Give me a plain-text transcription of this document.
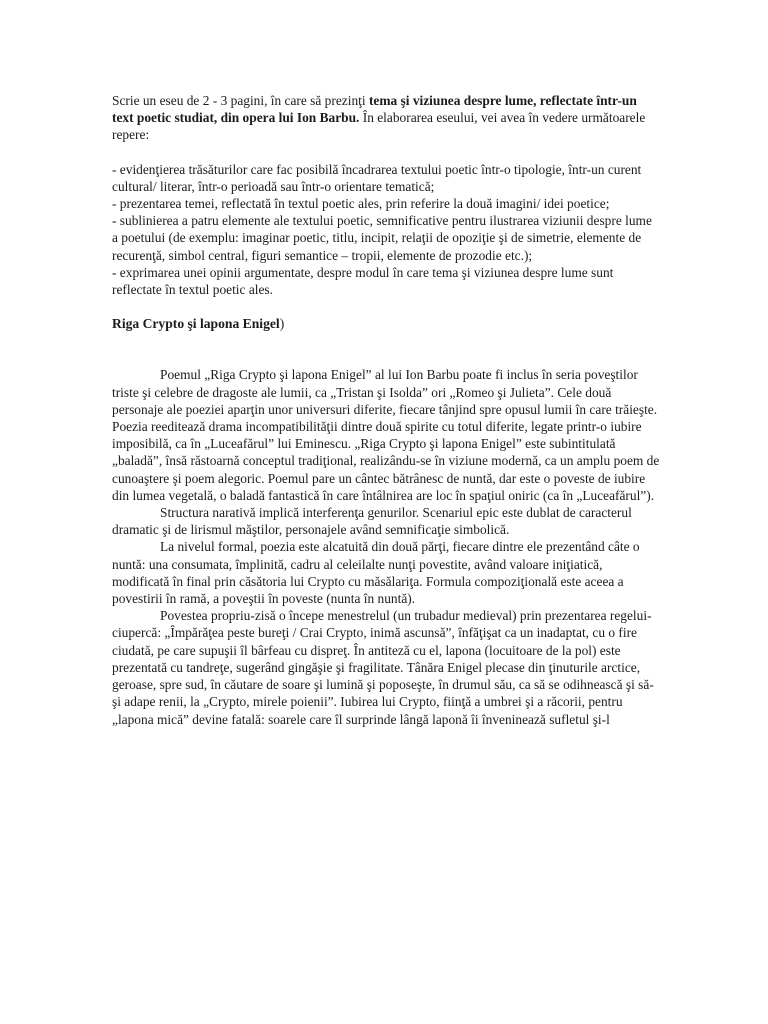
Scrie un eseu de 2 - 3 pagini, în care să prezinţi tema şi viziunea despre lume, reflectate într-un text poetic studiat, din opera lui Ion Barbu. În elaborarea eseului, vei avea în vedere următoarele repere:

- evidenţierea trăsăturilor care fac posibilă încadrarea textului poetic într-o tipologie, într-un curent cultural/ literar, într-o perioadă sau într-o orientare tematică;

- prezentarea temei, reflectată în textul poetic ales, prin referire la două imagini/ idei poetice;

- sublinierea a patru elemente ale textului poetic, semnificative pentru ilustrarea viziunii despre lume a poetului (de exemplu: imaginar poetic, titlu, incipit, relaţii de opoziţie şi de simetrie, elemente de recurenţă, simbol central, figuri semantice – tropii, elemente de prozodie etc.);

- exprimarea unei opinii argumentate, despre modul în care tema şi viziunea despre lume sunt reflectate în textul poetic ales.

Riga Crypto şi lapona Enigel)

Poemul „Riga Crypto şi lapona Enigel” al lui Ion Barbu poate fi inclus în seria poveştilor triste şi celebre de dragoste ale lumii, ca „Tristan şi Isolda” ori „Romeo şi Julieta”. Cele două personaje ale poeziei aparţin unor universuri diferite, fiecare tânjind spre opusul lumii în care trăieşte. Poezia reeditează drama incompatibilităţii dintre două spirite cu totul diferite, legate printr-o iubire imposibilă, ca în „Luceafărul” lui Eminescu. „Riga Crypto şi lapona Enigel” este subintitulată „baladă”, însă răstoarnă conceptul tradiţional, realizându-se în viziune modernă, ca un amplu poem de cunoaştere şi poem alegoric. Poemul pare un cântec bătrânesc de nuntă, dar este o poveste de iubire din lumea vegetală, o baladă fantastică în care întâlnirea are loc în spaţiul oniric (ca în „Luceafărul”).

Structura narativă implică interferenţa genurilor. Scenariul epic este dublat de caracterul dramatic şi de lirismul măştilor, personajele având semnificaţie simbolică.

La nivelul formal, poezia este alcatuită din două părţi, fiecare dintre ele prezentând câte o nuntă: una consumata, împlinită, cadru al celeilalte nunţi povestite, având valoare iniţiatică, modificată în final prin căsătoria lui Crypto cu măsălariţa. Formula compoziţională este aceea a povestirii în ramă, a poveştii în poveste (nunta în nuntă).

Povestea propriu-zisă o începe menestrelul (un trubadur medieval) prin prezentarea regelui-ciupercă: „Împărăţea peste bureţi / Crai Crypto, inimă ascunsă”, înfăţişat ca un inadaptat, cu o fire ciudată, pe care supuşii îl bârfeau cu dispreţ. În antiteză cu el, lapona (locuitoare de la pol) este prezentată cu tandreţe, sugerând gingăşie şi fragilitate. Tânăra Enigel plecase din ţinuturile arctice, geroase, spre sud, în căutare de soare şi lumină şi poposeşte, în drumul său, ca să se odihnească şi să-şi adape renii, la „Crypto, mirele poienii”. Iubirea lui Crypto, fiinţă a umbrei şi a răcorii, pentru „lapona mică” devine fatală: soarele care îl surprinde lângă laponă îi înveninează sufletul şi-l
